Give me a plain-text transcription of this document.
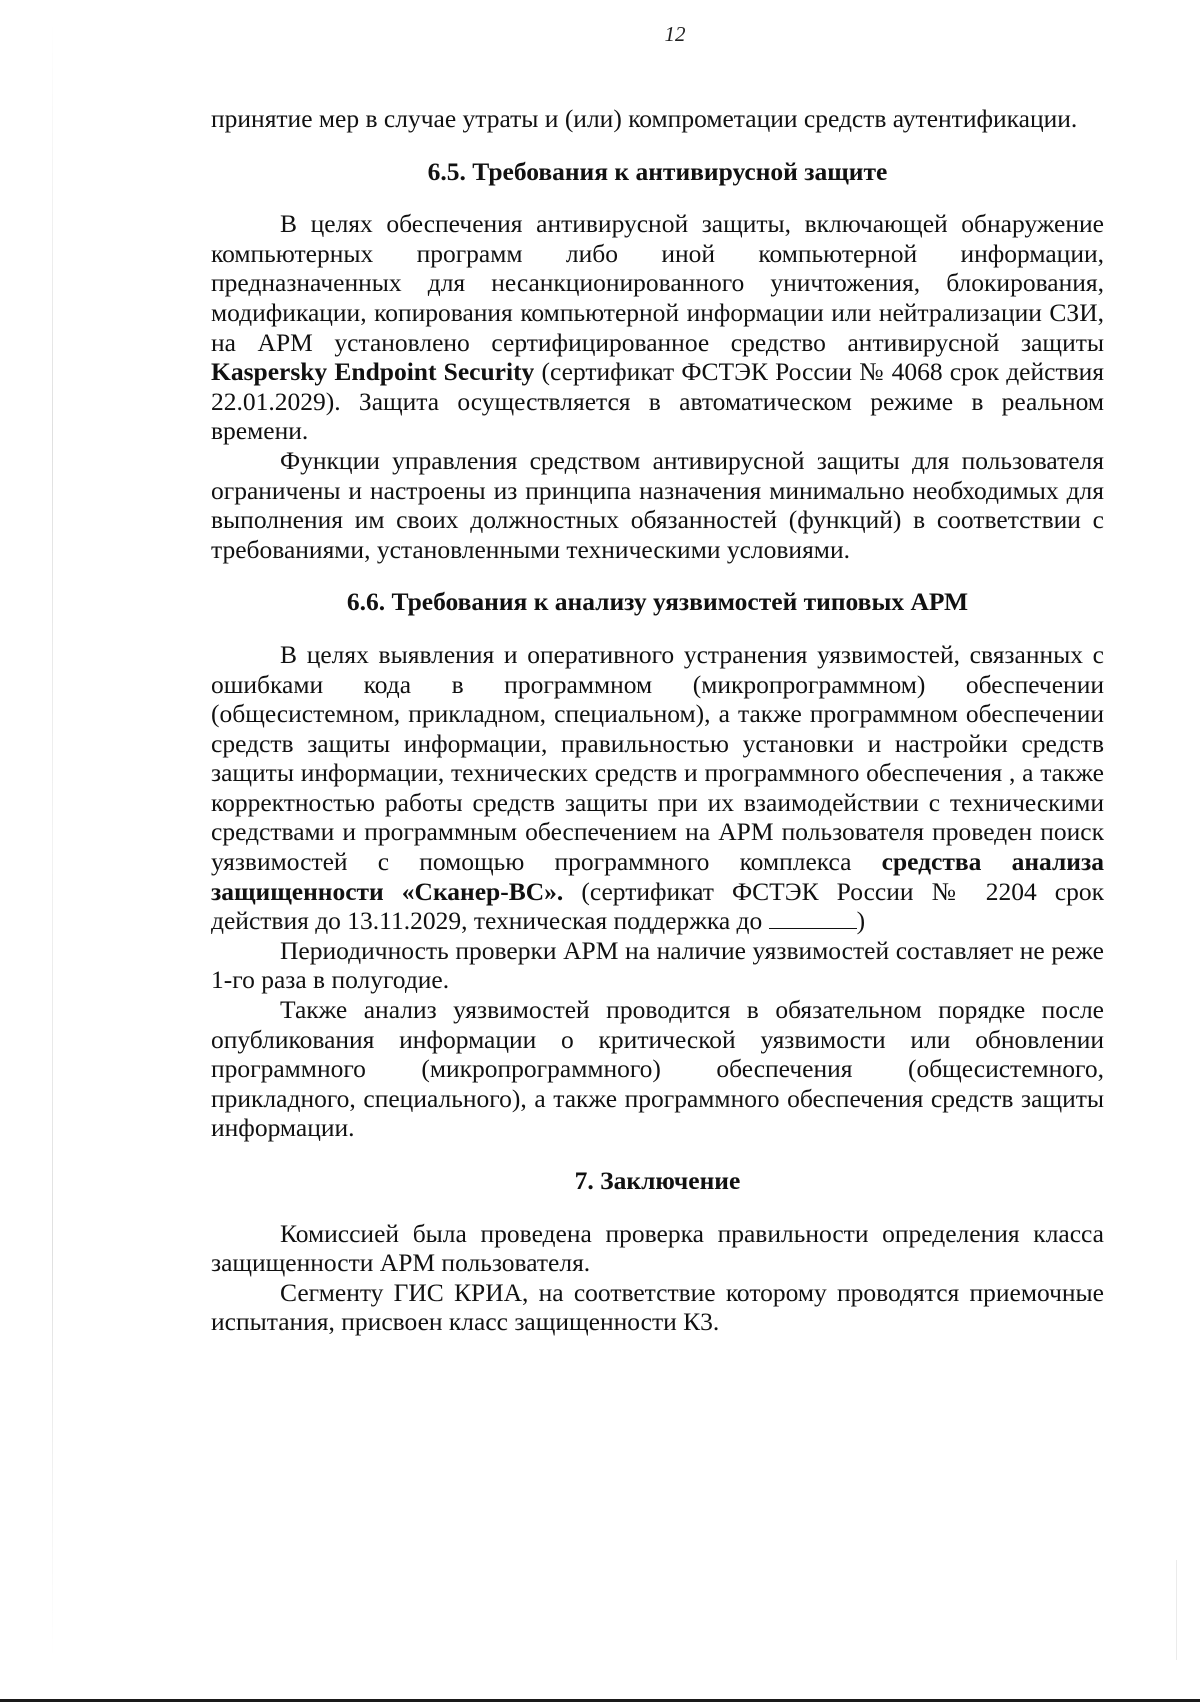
12

принятие мер в случае утраты и (или) компрометации средств аутентификации.

6.5. Требования к антивирусной защите

В целях обеспечения антивирусной защиты, включающей обнаружение компьютерных программ либо иной компьютерной информации, предназначенных для несанкционированного уничтожения, блокирования, модификации, копирования компьютерной информации или нейтрализации СЗИ, на АРМ установлено сертифицированное средство антивирусной защиты Kaspersky Endpoint Security (сертификат ФСТЭК России № 4068 срок действия 22.01.2029). Защита осуществляется в автоматическом режиме в реальном времени.

Функции управления средством антивирусной защиты для пользователя ограничены и настроены из принципа назначения минимально необходимых для выполнения им своих должностных обязанностей (функций) в соответствии с требованиями, установленными техническими условиями.

6.6. Требования к анализу уязвимостей типовых АРМ

В целях выявления и оперативного устранения уязвимостей, связанных с ошибками кода в программном (микропрограммном) обеспечении (общесистемном, прикладном, специальном), а также программном обеспечении средств защиты информации, правильностью установки и настройки средств защиты информации, технических средств и программного обеспечения , а также корректностью работы средств защиты при их взаимодействии с техническими средствами и программным обеспечением на АРМ пользователя проведен поиск уязвимостей с помощью программного комплекса средства анализа защищенности «Сканер-ВС». (сертификат ФСТЭК России № 2204 срок действия до 13.11.2029, техническая поддержка до	)

Периодичность проверки АРМ на наличие уязвимостей составляет не реже 1-го раза в полугодие.

Также анализ уязвимостей проводится в обязательном порядке после опубликования информации о критической уязвимости или обновлении программного (микропрограммного) обеспечения (общесистемного, прикладного, специального), а также программного обеспечения средств защиты информации.

7. Заключение

Комиссией была проведена проверка правильности определения класса защищенности АРМ пользователя.

Сегменту ГИС КРИА, на соответствие которому проводятся приемочные испытания, присвоен класс защищенности К3.
